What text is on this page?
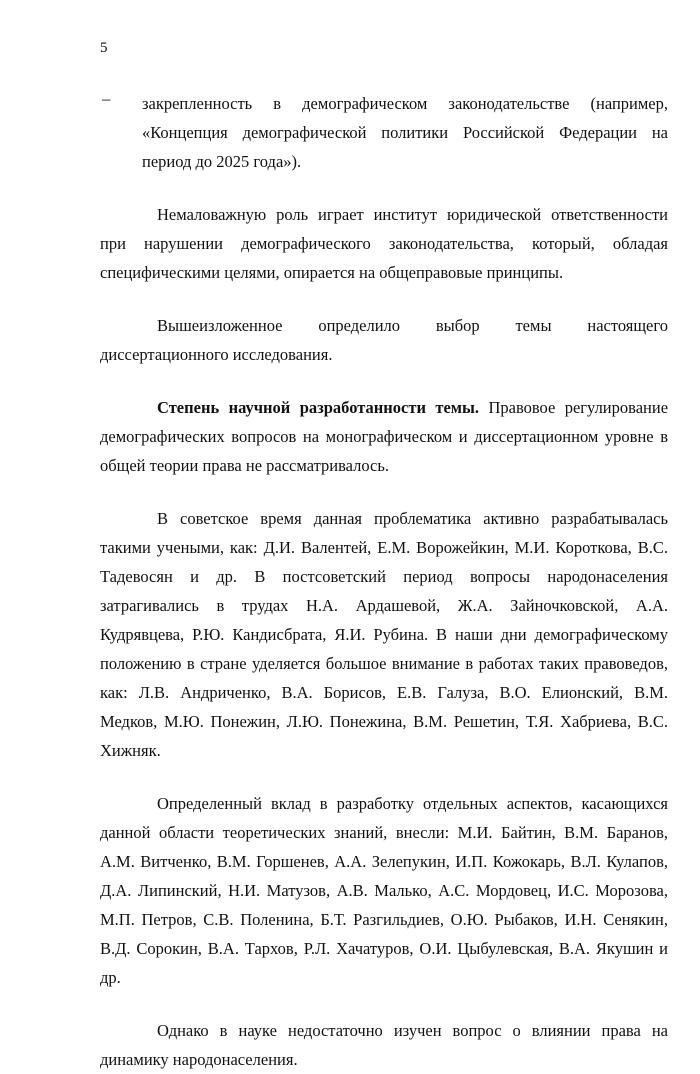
5
– закрепленность в демографическом законодательстве (например,
«Концепция демографической политики Российской Федерации на
период до 2025 года»).
Немаловажную роль играет институт юридической ответственности
при нарушении демографического законодательства, который, обладая
специфическими целями, опирается на общеправовые принципы.
Вышеизложенное определило выбор темы настоящего
диссертационного исследования.
Степень научной разработанности темы. Правовое регулирование
демографических вопросов на монографическом и диссертационном уровне в
общей теории права не рассматривалось.
В советское время данная проблематика активно разрабатывалась
такими учеными, как: Д.И. Валентей, Е.М. Ворожейкин, М.И. Короткова, В.С.
Тадевосян и др. В постсоветский период вопросы народонаселения
затрагивались в трудах Н.А. Ардашевой, Ж.А. Зайночковской, А.А.
Кудрявцева, Р.Ю. Кандисбрата, Я.И. Рубина. В наши дни демографическому
положению в стране уделяется большое внимание в работах таких правоведов,
как: Л.В. Андриченко, В.А. Борисов, Е.В. Галуза, В.О. Елионский, В.М.
Медков, М.Ю. Понежин, Л.Ю. Понежина, В.М. Решетин, Т.Я. Хабриева, В.С.
Хижняк.
Определенный вклад в разработку отдельных аспектов, касающихся
данной области теоретических знаний, внесли: М.И. Байтин, В.М. Баранов,
А.М. Витченко, В.М. Горшенев, А.А. Зелепукин, И.П. Кожокарь, В.Л. Кулапов,
Д.А. Липинский, Н.И. Матузов, А.В. Малько, А.С. Мордовец, И.С. Морозова,
М.П. Петров, С.В. Поленина, Б.Т. Разгильдиев, О.Ю. Рыбаков, И.Н. Сенякин,
В.Д. Сорокин, В.А. Тархов, Р.Л. Хачатуров, О.И. Цыбулевская, В.А. Якушин и
др.
Однако в науке недостаточно изучен вопрос о влиянии права на
динамику народонаселения.
